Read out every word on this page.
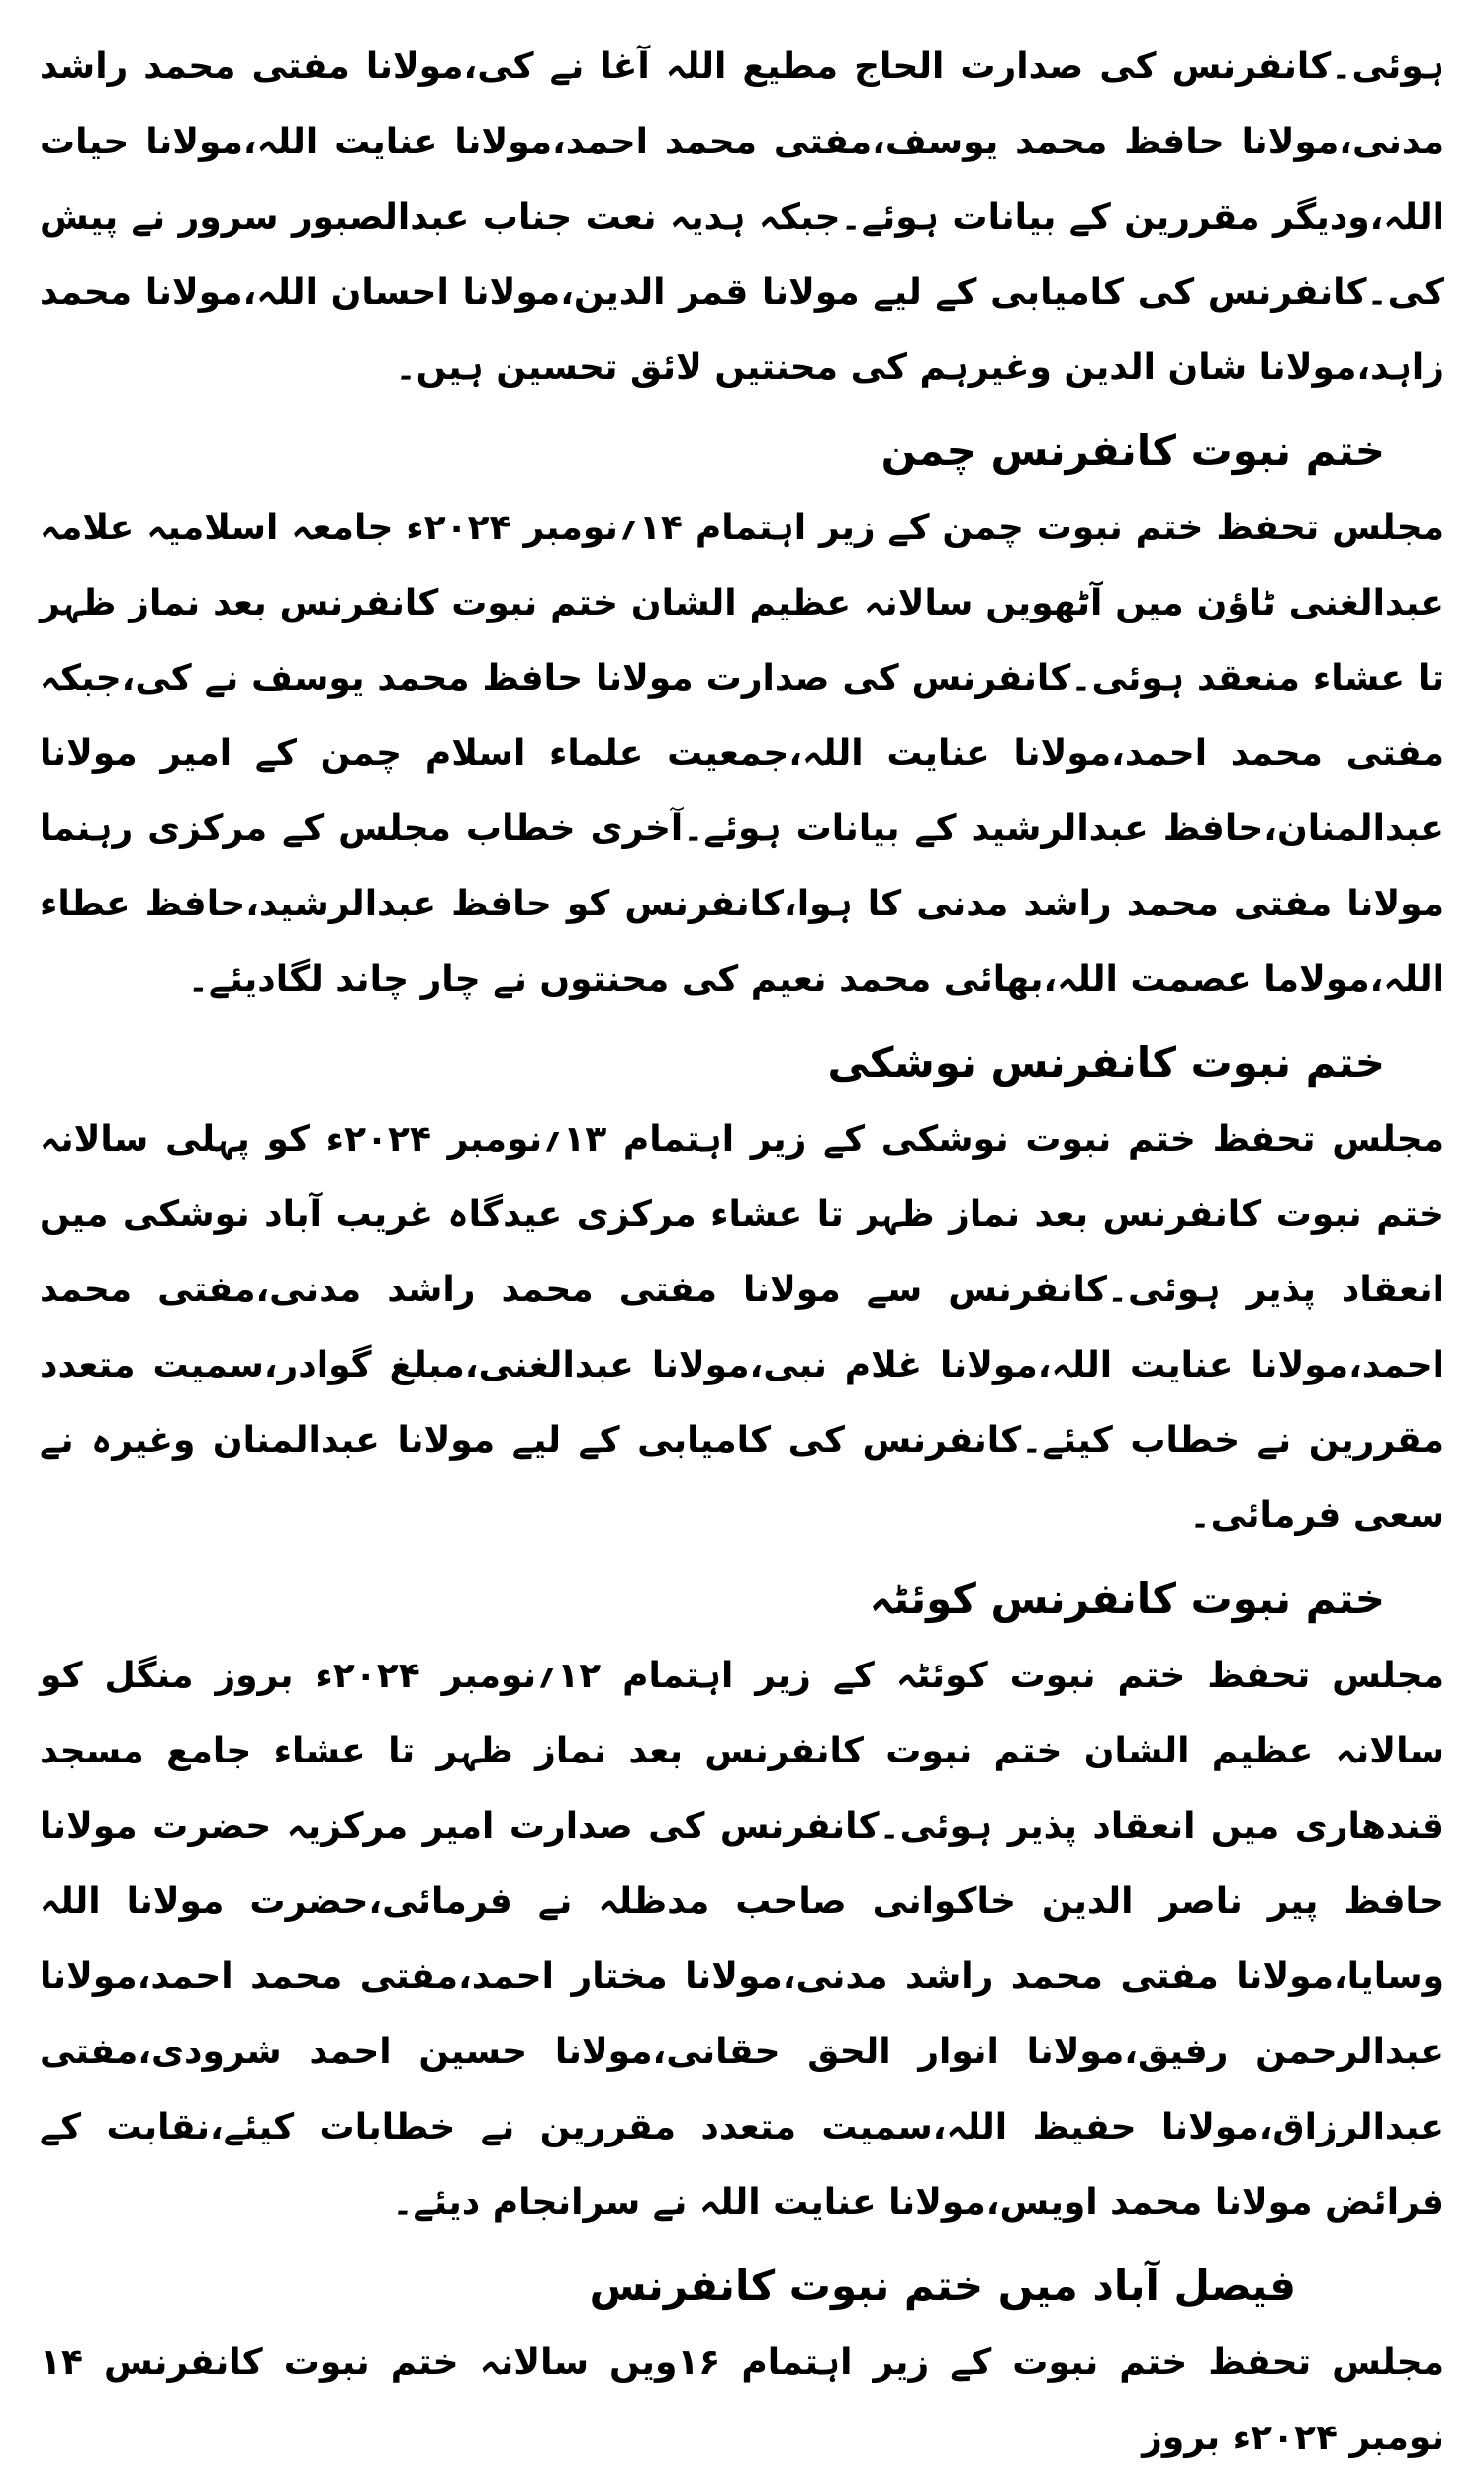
ہوئی۔کانفرنس کی صدارت الحاج مطیع اللہ آغا نے کی،مولانا مفتی محمد راشد مدنی،مولانا حافظ محمد یوسف،مفتی محمد احمد،مولانا عنایت اللہ،مولانا حیات اللہ،ودیگر مقررین کے بیانات ہوئے۔جبکہ ہدیہ نعت جناب عبدالصبور سرور نے پیش کی۔کانفرنس کی کامیابی کے لیے مولانا قمر الدین،مولانا احسان اللہ،مولانا محمد زاہد،مولانا شان الدین وغیرہم کی محنتیں لائق تحسین ہیں۔

ختم نبوت کانفرنس چمن

مجلس تحفظ ختم نبوت چمن کے زیر اہتمام ۱۴؍نومبر ۲۰۲۴ء جامعہ اسلامیہ علامہ عبدالغنی ٹاؤن میں آٹھویں سالانہ عظیم الشان ختم نبوت کانفرنس بعد نماز ظہر تا عشاء منعقد ہوئی۔کانفرنس کی صدارت مولانا حافظ محمد یوسف نے کی،جبکہ مفتی محمد احمد،مولانا عنایت اللہ،جمعیت علماء اسلام چمن کے امیر مولانا عبدالمنان،حافظ عبدالرشید کے بیانات ہوئے۔آخری خطاب مجلس کے مرکزی رہنما مولانا مفتی محمد راشد مدنی کا ہوا،کانفرنس کو حافظ عبدالرشید،حافظ عطاء اللہ،مولاما عصمت اللہ،بھائی محمد نعیم کی محنتوں نے چار چاند لگادیئے۔

ختم نبوت کانفرنس نوشکی

مجلس تحفظ ختم نبوت نوشکی کے زیر اہتمام ۱۳؍نومبر ۲۰۲۴ء کو پہلی سالانہ ختم نبوت کانفرنس بعد نماز ظہر تا عشاء مرکزی عیدگاہ غریب آباد نوشکی میں انعقاد پذیر ہوئی۔کانفرنس سے مولانا مفتی محمد راشد مدنی،مفتی محمد احمد،مولانا عنایت اللہ،مولانا غلام نبی،مولانا عبدالغنی،مبلغ گوادر،سمیت متعدد مقررین نے خطاب کیئے۔کانفرنس کی کامیابی کے لیے مولانا عبدالمنان وغیرہ نے سعی فرمائی۔

ختم نبوت کانفرنس کوئٹہ

مجلس تحفظ ختم نبوت کوئٹہ کے زیر اہتمام ۱۲؍نومبر ۲۰۲۴ء بروز منگل کو سالانہ عظیم الشان ختم نبوت کانفرنس بعد نماز ظہر تا عشاء جامع مسجد قندھاری میں انعقاد پذیر ہوئی۔کانفرنس کی صدارت امیر مرکزیہ حضرت مولانا حافظ پیر ناصر الدین خاکوانی صاحب مدظلہ نے فرمائی،حضرت مولانا اللہ وسایا،مولانا مفتی محمد راشد مدنی،مولانا مختار احمد،مفتی محمد احمد،مولانا عبدالرحمن رفیق،مولانا انوار الحق حقانی،مولانا حسین احمد شرودی،مفتی عبدالرزاق،مولانا حفیظ اللہ،سمیت متعدد مقررین نے خطابات کیئے،نقابت کے فرائض مولانا محمد اویس،مولانا عنایت اللہ نے سرانجام دیئے۔

فیصل آباد میں ختم نبوت کانفرنس

مجلس تحفظ ختم نبوت کے زیر اہتمام ۱۶ویں سالانہ ختم نبوت کانفرنس ۱۴ نومبر ۲۰۲۴ء بروز
